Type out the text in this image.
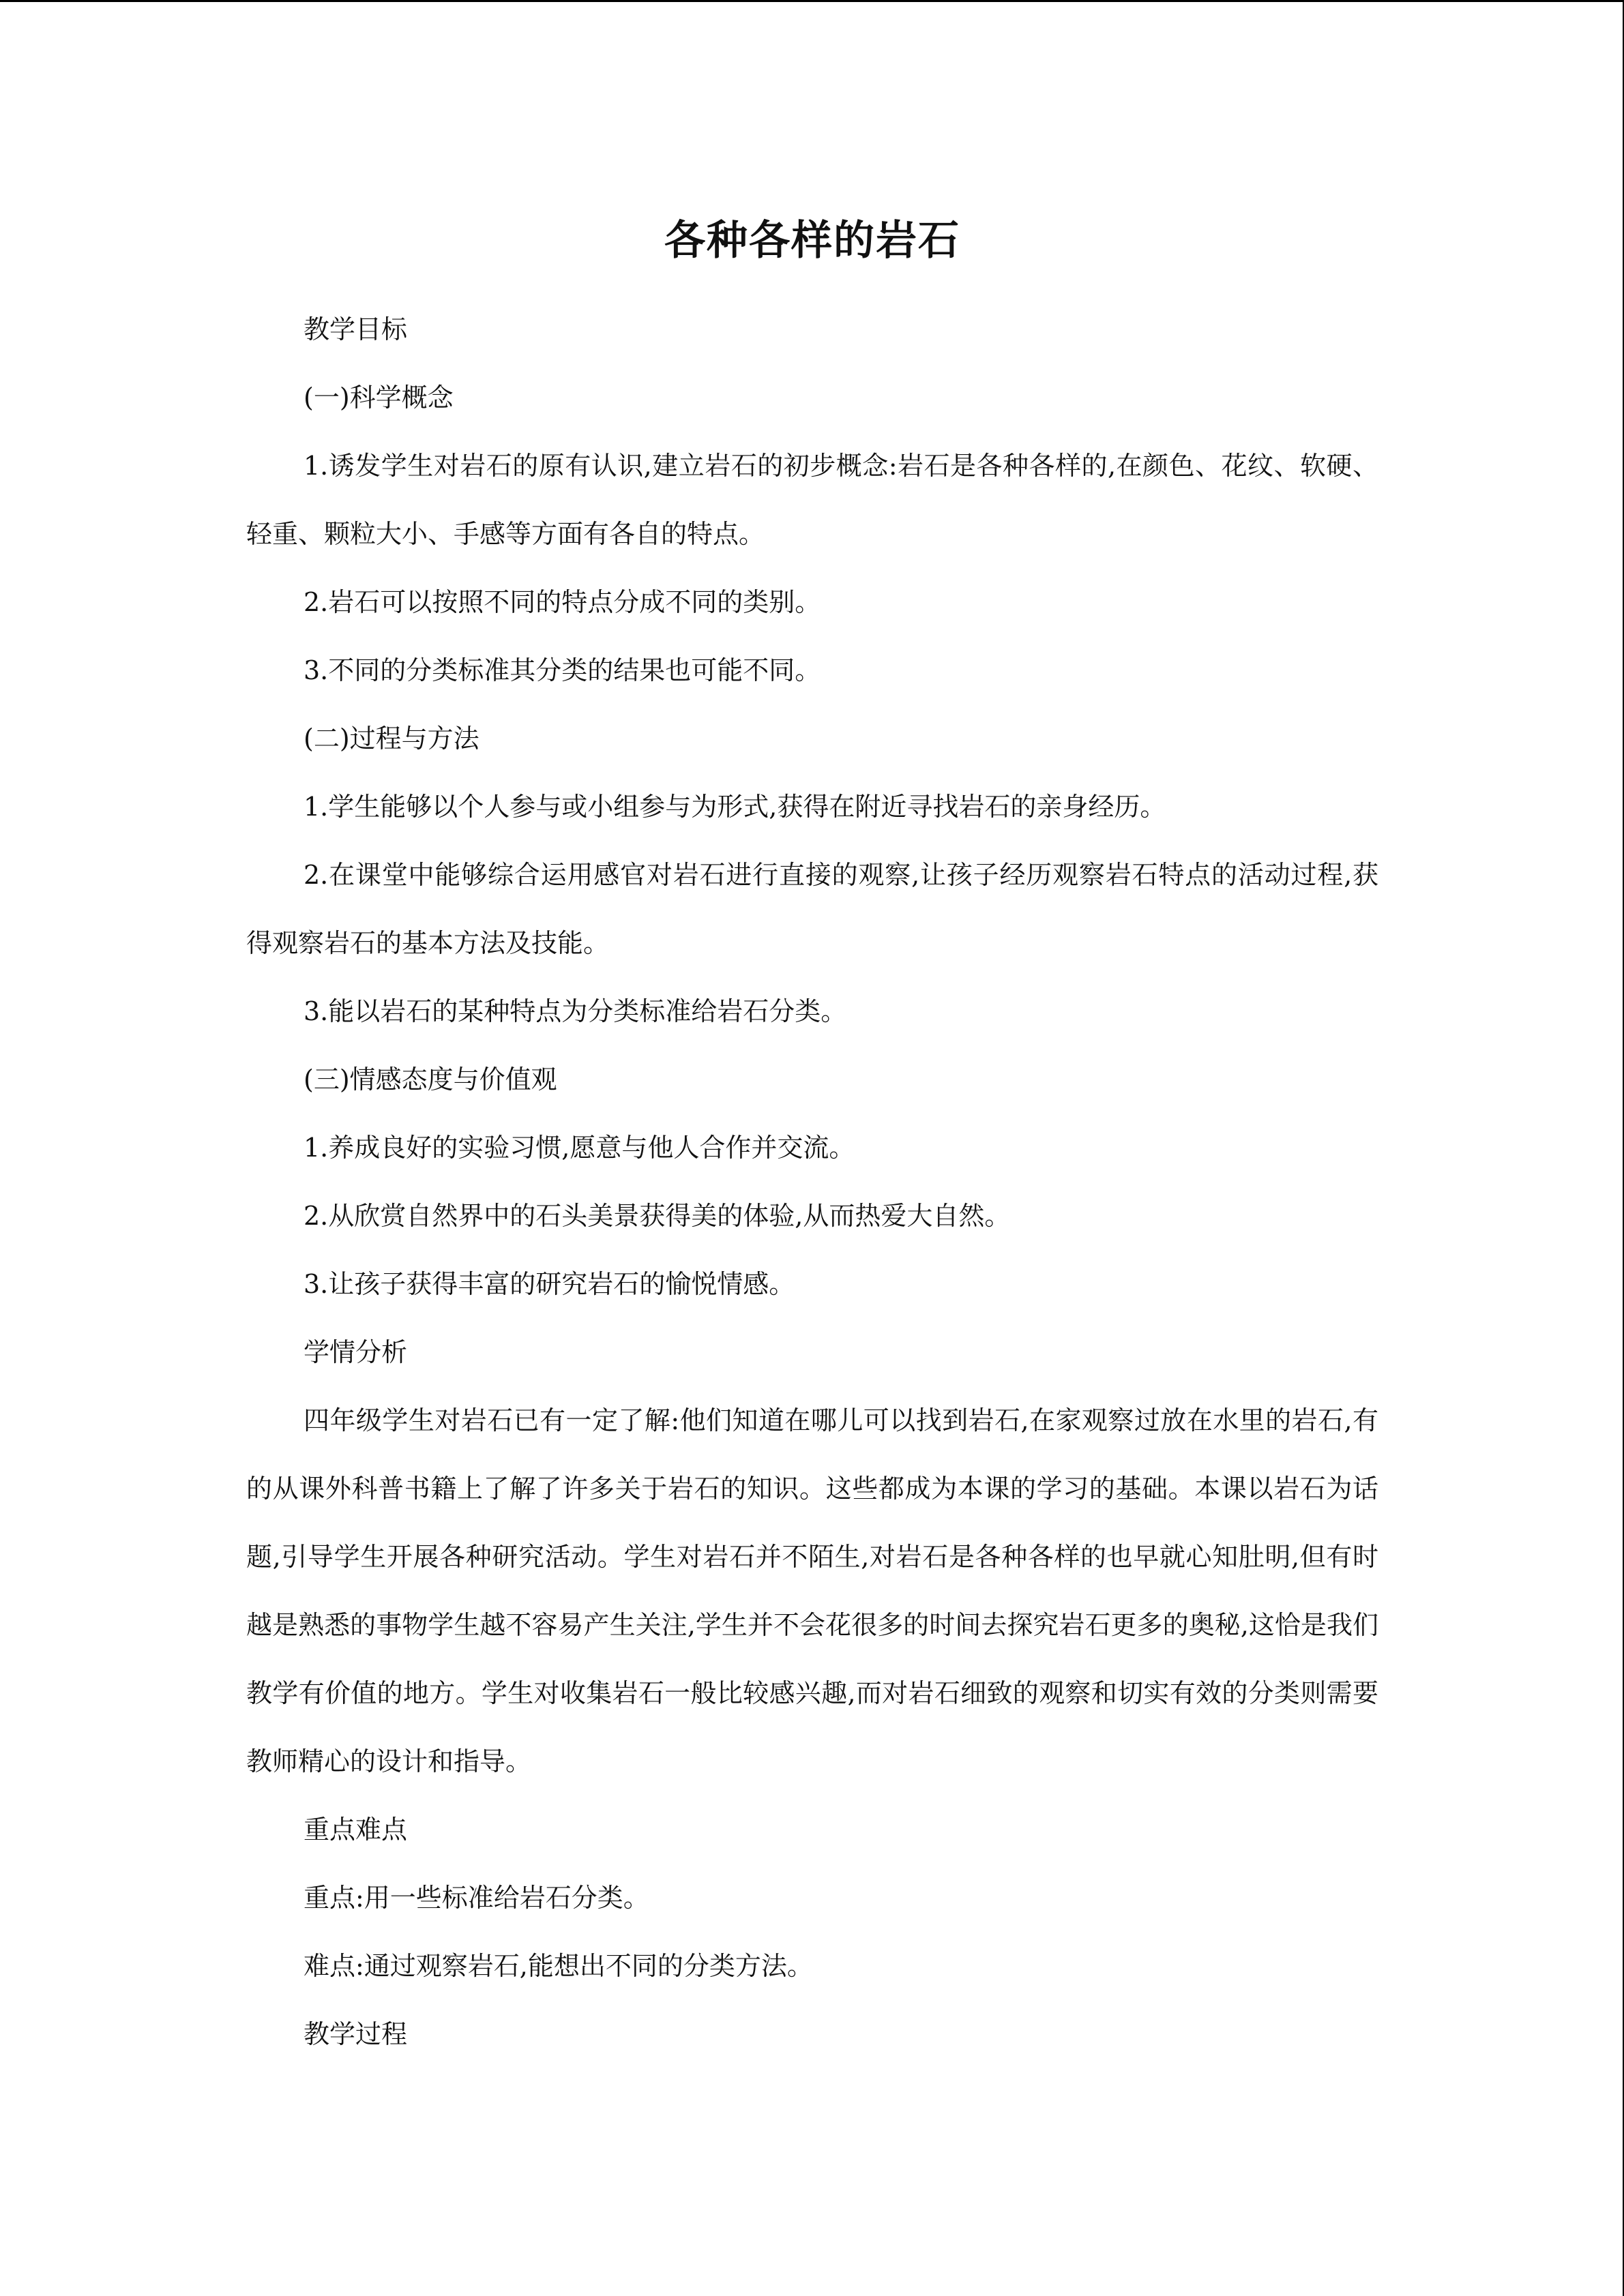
各种各样的岩石

教学目标

(一)科学概念

1.诱发学生对岩石的原有认识,建立岩石的初步概念:岩石是各种各样的,在颜色、花纹、软硬、轻重、颗粒大小、手感等方面有各自的特点。

2.岩石可以按照不同的特点分成不同的类别。

3.不同的分类标准其分类的结果也可能不同。

(二)过程与方法

1.学生能够以个人参与或小组参与为形式,获得在附近寻找岩石的亲身经历。

2.在课堂中能够综合运用感官对岩石进行直接的观察,让孩子经历观察岩石特点的活动过程,获得观察岩石的基本方法及技能。

3.能以岩石的某种特点为分类标准给岩石分类。

(三)情感态度与价值观

1.养成良好的实验习惯,愿意与他人合作并交流。

2.从欣赏自然界中的石头美景获得美的体验,从而热爱大自然。

3.让孩子获得丰富的研究岩石的愉悦情感。

学情分析

四年级学生对岩石已有一定了解:他们知道在哪儿可以找到岩石,在家观察过放在水里的岩石,有的从课外科普书籍上了解了许多关于岩石的知识。这些都成为本课的学习的基础。本课以岩石为话题,引导学生开展各种研究活动。学生对岩石并不陌生,对岩石是各种各样的也早就心知肚明,但有时越是熟悉的事物学生越不容易产生关注,学生并不会花很多的时间去探究岩石更多的奥秘,这恰是我们教学有价值的地方。学生对收集岩石一般比较感兴趣,而对岩石细致的观察和切实有效的分类则需要教师精心的设计和指导。

重点难点

重点:用一些标准给岩石分类。

难点:通过观察岩石,能想出不同的分类方法。

教学过程
